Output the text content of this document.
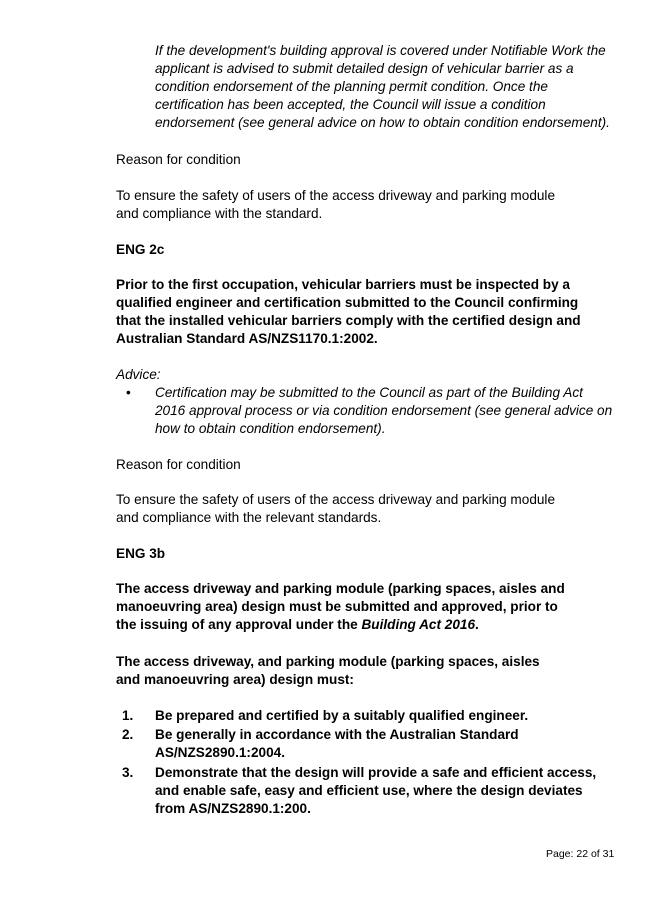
If the development's building approval is covered under Notifiable Work the applicant is advised to submit detailed design of vehicular barrier as a condition endorsement of the planning permit condition. Once the certification has been accepted, the Council will issue a condition endorsement (see general advice on how to obtain condition endorsement).

Reason for condition

To ensure the safety of users of the access driveway and parking module and compliance with the standard.

ENG 2c

Prior to the first occupation, vehicular barriers must be inspected by a qualified engineer and certification submitted to the Council confirming that the installed vehicular barriers comply with the certified design and Australian Standard AS/NZS1170.1:2002.

Advice:

• Certification may be submitted to the Council as part of the Building Act 2016 approval process or via condition endorsement (see general advice on how to obtain condition endorsement).

Reason for condition

To ensure the safety of users of the access driveway and parking module and compliance with the relevant standards.

ENG 3b

The access driveway and parking module (parking spaces, aisles and manoeuvring area) design must be submitted and approved, prior to the issuing of any approval under the Building Act 2016.

The access driveway, and parking module (parking spaces, aisles and manoeuvring area) design must:

1. Be prepared and certified by a suitably qualified engineer.

2. Be generally in accordance with the Australian Standard AS/NZS2890.1:2004.

3. Demonstrate that the design will provide a safe and efficient access, and enable safe, easy and efficient use, where the design deviates from AS/NZS2890.1:200.

Page: 22 of 31
